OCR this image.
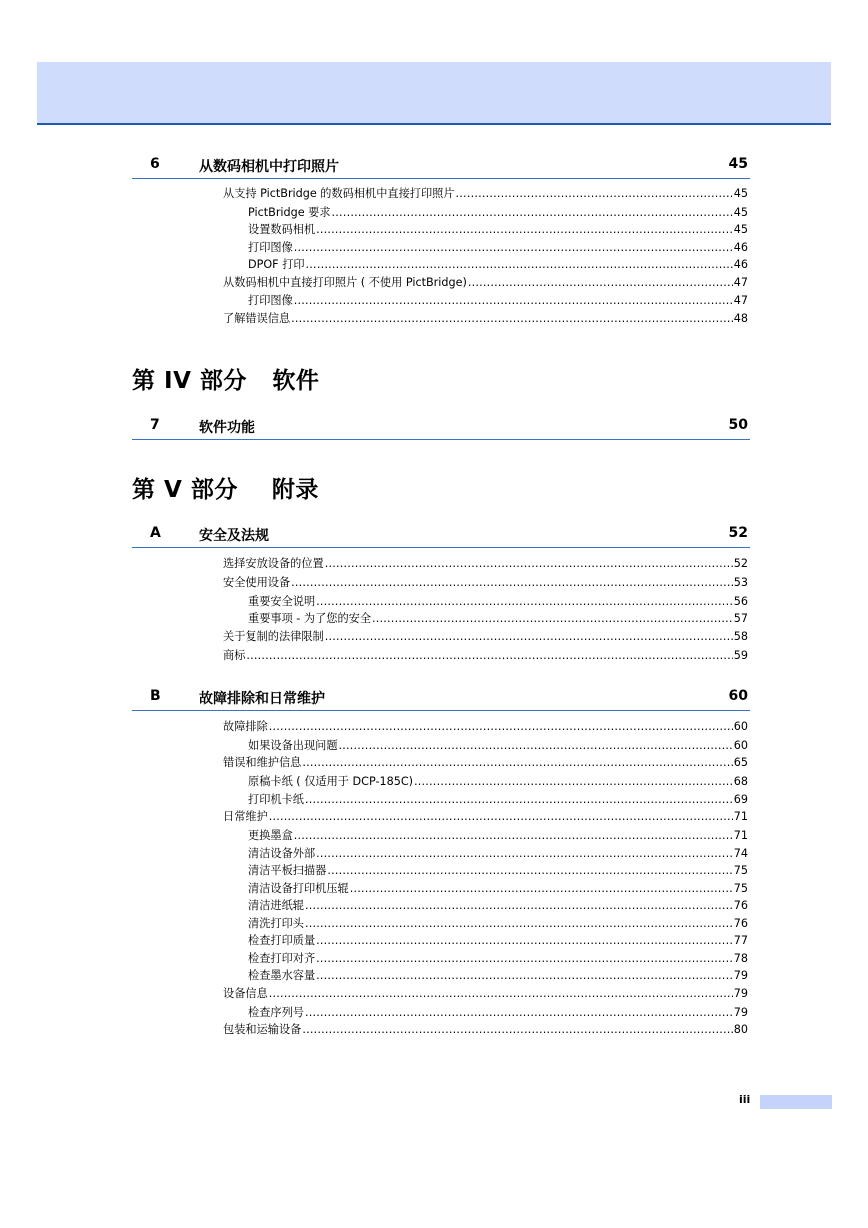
6	从数码相机中打印照片	45
从支持 PictBridge 的数码相机中直接打印照片 .....	45
PictBridge 要求 .....	45
设置数码相机 .....	45
打印图像 .....	46
DPOF 打印 .....	46
从数码相机中直接打印照片 ( 不使用 PictBridge) .....	47
打印图像 .....	47
了解错误信息 .....	48
第 IV 部分   软件
7	软件功能	50
第 V 部分    附录
A	安全及法规	52
选择安放设备的位置 .....	52
安全使用设备 .....	53
重要安全说明 .....	56
重要事项 - 为了您的安全 .....	57
关于复制的法律限制 .....	58
商标 .....	59
B	故障排除和日常维护	60
故障排除 .....	60
如果设备出现问题 .....	60
错误和维护信息 .....	65
原稿卡纸 ( 仅适用于 DCP-185C) .....	68
打印机卡纸 .....	69
日常维护 .....	71
更换墨盒 .....	71
清洁设备外部 .....	74
清洁平板扫描器 .....	75
清洁设备打印机压辊 .....	75
清洁进纸辊 .....	76
清洗打印头 .....	76
检查打印质量 .....	77
检查打印对齐 .....	78
检查墨水容量 .....	79
设备信息 .....	79
检查序列号 .....	79
包装和运输设备 .....	80
iii
